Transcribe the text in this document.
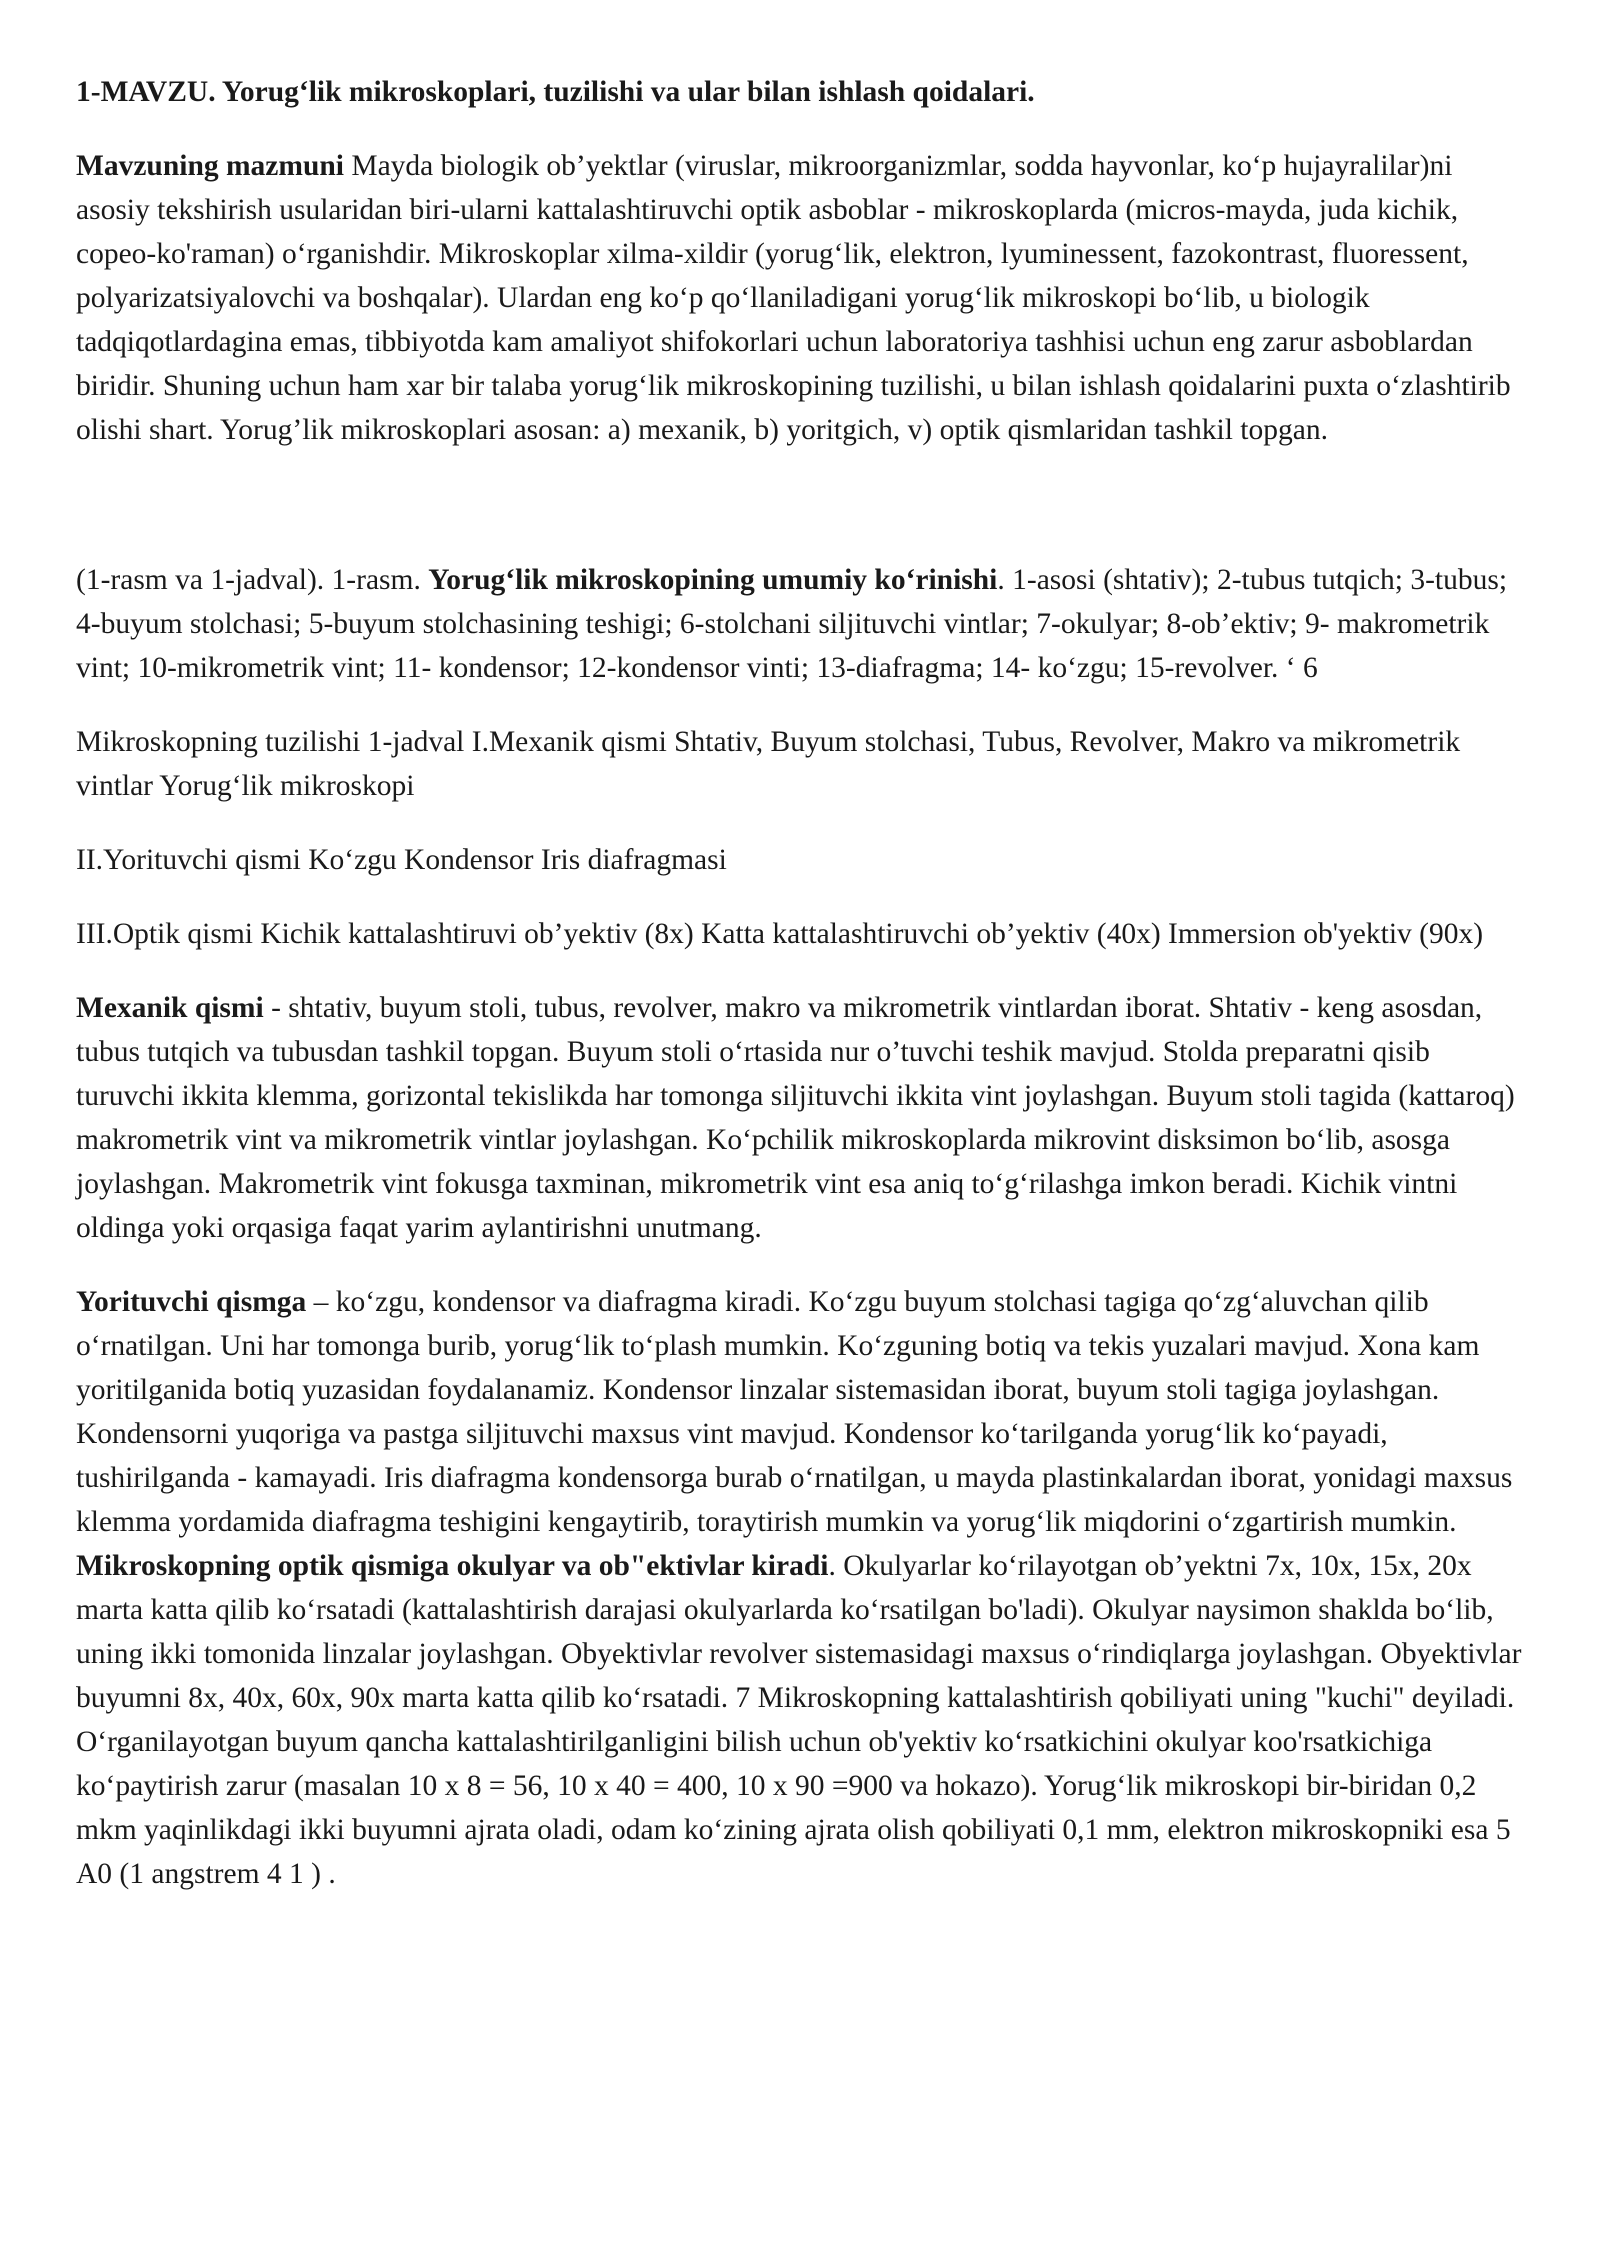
1-MAVZU. Yorug‘lik mikroskoplari, tuzilishi va ular bilan ishlash qoidalari.

Mavzuning mazmuni Mayda biologik ob’yektlar (viruslar, mikroorganizmlar, sodda hayvonlar, ko‘p hujayralilar)ni asosiy tekshirish usularidan biri-ularni kattalashtiruvchi optik asboblar - mikroskoplarda (micros-mayda, juda kichik, copeo-ko'raman) o‘rganishdir. Mikroskoplar xilma-xildir (yorug‘lik, elektron, lyuminessent, fazokontrast, fluoressent, polyarizatsiyalovchi va boshqalar). Ulardan eng ko‘p qo‘llaniladigani yorug‘lik mikroskopi bo‘lib, u biologik tadqiqotlardagina emas, tibbiyotda kam amaliyot shifokorlari uchun laboratoriya tashhisi uchun eng zarur asboblardan biridir. Shuning uchun ham xar bir talaba yorug‘lik mikroskopining tuzilishi, u bilan ishlash qoidalarini puxta o‘zlashtirib olishi shart. Yorug’lik mikroskoplari asosan: a) mexanik, b) yoritgich, v) optik qismlaridan tashkil topgan.

(1-rasm va 1-jadval). 1-rasm. Yorug‘lik mikroskopining umumiy ko‘rinishi. 1-asosi (shtativ); 2-tubus tutqich; 3-tubus; 4-buyum stolchasi; 5-buyum stolchasining teshigi; 6-stolchani siljituvchi vintlar; 7-okulyar; 8-ob’ektiv; 9- makrometrik vint; 10-mikrometrik vint; 11- kondensor; 12-kondensor vinti; 13-diafragma; 14- ko‘zgu; 15-revolver. ‘ 6

Mikroskopning tuzilishi 1-jadval I.Mexanik qismi Shtativ, Buyum stolchasi, Tubus, Revolver, Makro va mikrometrik vintlar Yorug‘lik mikroskopi

II.Yorituvchi qismi Ko‘zgu Kondensor Iris diafragmasi

III.Optik qismi Kichik kattalashtiruvi ob’yektiv (8x) Katta kattalashtiruvchi ob’yektiv (40x) Immersion ob'yektiv (90x)

Mexanik qismi - shtativ, buyum stoli, tubus, revolver, makro va mikrometrik vintlardan iborat. Shtativ - keng asosdan, tubus tutqich va tubusdan tashkil topgan. Buyum stoli o‘rtasida nur o’tuvchi teshik mavjud. Stolda preparatni qisib turuvchi ikkita klemma, gorizontal tekislikda har tomonga siljituvchi ikkita vint joylashgan. Buyum stoli tagida (kattaroq) makrometrik vint va mikrometrik vintlar joylashgan. Ko‘pchilik mikroskoplarda mikrovint disksimon bo‘lib, asosga joylashgan. Makrometrik vint fokusga taxminan, mikrometrik vint esa aniq to‘g‘rilashga imkon beradi. Kichik vintni oldinga yoki orqasiga faqat yarim aylantirishni unutmang.

Yorituvchi qismga – ko‘zgu, kondensor va diafragma kiradi. Ko‘zgu buyum stolchasi tagiga qo‘zg‘aluvchan qilib o‘rnatilgan. Uni har tomonga burib, yorug‘lik to‘plash mumkin. Ko‘zguning botiq va tekis yuzalari mavjud. Xona kam yoritilganida botiq yuzasidan foydalanamiz. Kondensor linzalar sistemasidan iborat, buyum stoli tagiga joylashgan. Kondensorni yuqoriga va pastga siljituvchi maxsus vint mavjud. Kondensor ko‘tarilganda yorug‘lik ko‘payadi, tushirilganda - kamayadi. Iris diafragma kondensorga burab o‘rnatilgan, u mayda plastinkalardan iborat, yonidagi maxsus klemma yordamida diafragma teshigini kengaytirib, toraytirish mumkin va yorug‘lik miqdorini o‘zgartirish mumkin. Mikroskopning optik qismiga okulyar va ob"ektivlar kiradi. Okulyarlar ko‘rilayotgan ob’yektni 7x, 10x, 15x, 20x marta katta qilib ko‘rsatadi (kattalashtirish darajasi okulyarlarda ko‘rsatilgan bo'ladi). Okulyar naysimon shaklda bo‘lib, uning ikki tomonida linzalar joylashgan. Obyektivlar revolver sistemasidagi maxsus o‘rindiqlarga joylashgan. Obyektivlar buyumni 8x, 40x, 60x, 90x marta katta qilib ko‘rsatadi. 7 Mikroskopning kattalashtirish qobiliyati uning "kuchi" deyiladi. O‘rganilayotgan buyum qancha kattalashtirilganligini bilish uchun ob'yektiv ko‘rsatkichini okulyar koo'rsatkichiga ko‘paytirish zarur (masalan 10 x 8 = 56, 10 x 40 = 400, 10 x 90 =900 va hokazo). Yorug‘lik mikroskopi bir-biridan 0,2 mkm yaqinlikdagi ikki buyumni ajrata oladi, odam ko‘zining ajrata olish qobiliyati 0,1 mm, elektron mikroskopniki esa 5 A0 (1 angstrem 4 1 ) .
